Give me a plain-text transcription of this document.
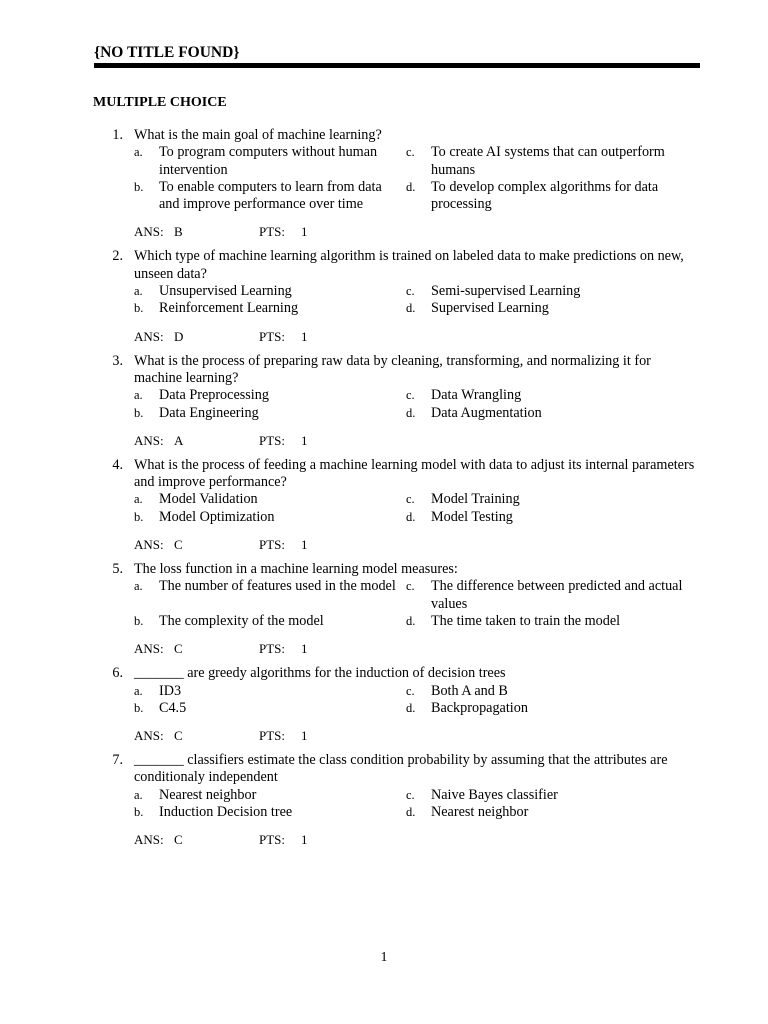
{NO TITLE FOUND}
MULTIPLE CHOICE
1. What is the main goal of machine learning?
a.	To program computers without human intervention
c.	To create AI systems that can outperform humans
b.	To enable computers to learn from data and improve performance over time
d.	To develop complex algorithms for data processing
ANS: B	PTS: 1
2. Which type of machine learning algorithm is trained on labeled data to make predictions on new, unseen data?
a.	Unsupervised Learning	c.	Semi-supervised Learning
b.	Reinforcement Learning	d.	Supervised Learning
ANS: D	PTS: 1
3. What is the process of preparing raw data by cleaning, transforming, and normalizing it for machine learning?
a.	Data Preprocessing	c.	Data Wrangling
b.	Data Engineering	d.	Data Augmentation
ANS: A	PTS: 1
4. What is the process of feeding a machine learning model with data to adjust its internal parameters and improve performance?
a.	Model Validation	c.	Model Training
b.	Model Optimization	d.	Model Testing
ANS: C	PTS: 1
5. The loss function in a machine learning model measures:
a.	The number of features used in the model c.	The difference between predicted and actual values
b.	The complexity of the model	d.	The time taken to train the model
ANS: C	PTS: 1
6. _______ are greedy algorithms for the induction of decision trees
a.	ID3	c.	Both A and B
b.	C4.5	d.	Backpropagation
ANS: C	PTS: 1
7. _______ classifiers estimate the class condition probability by assuming that the attributes are conditionaly independent
a.	Nearest neighbor	c.	Naive Bayes classifier
b.	Induction Decision tree	d.	Nearest neighbor
ANS: C	PTS: 1
1
